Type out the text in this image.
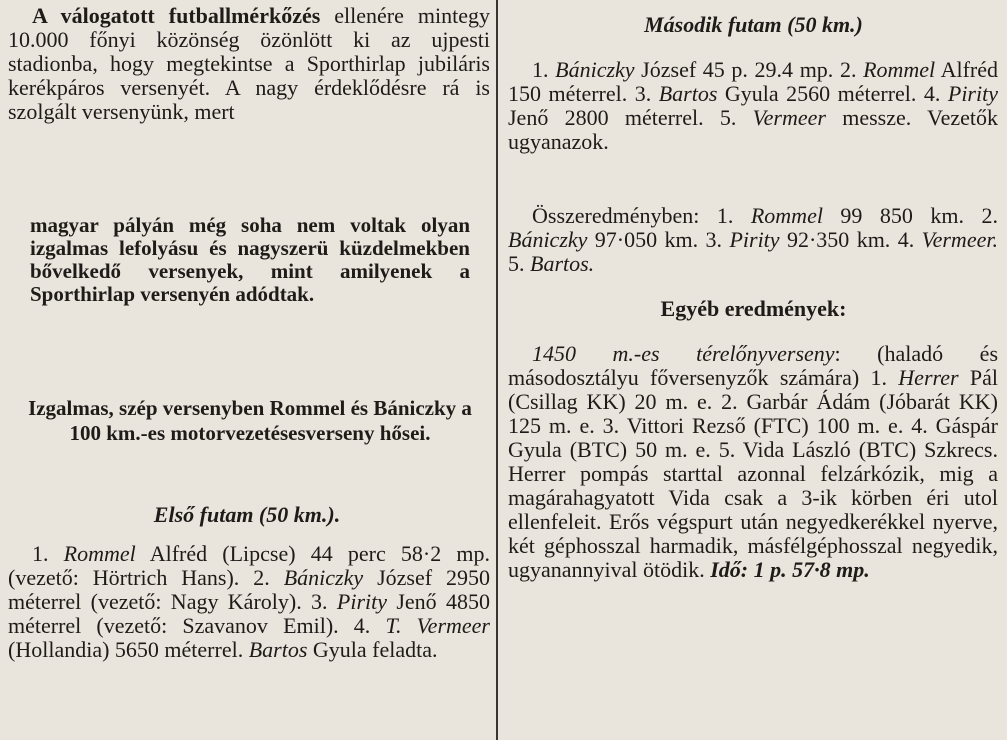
A válogatott futballmérkőzés ellenére mintegy 10.000 főnyi közönség özönlött ki az ujpesti stadionba, hogy megtekintse a Sporthirlap jubiláris kerékpáros versenyét. A nagy érdeklődésre rá is szolgált versenyünk, mert

magyar pályán még soha nem voltak olyan izgalmas lefolyásu és nagyszerü küzdelmekben bővelkedő versenyek, mint amilyenek a Sporthirlap versenyén adódtak.

Izgalmas, szép versenyben Rommel és Bániczky a 100 km.-es motorvezetésesverseny hősei.

Első futam (50 km.).

1. Rommel Alfréd (Lipcse) 44 perc 58·2 mp. (vezető: Hörtrich Hans). 2. Bániczky József 2950 méterrel (vezető: Nagy Károly). 3. Pirity Jenő 4850 méterrel (vezető: Szavanov Emil). 4. T. Vermeer (Hollandia) 5650 méterrel. Bartos Gyula feladta.

Második futam (50 km.)

1. Bániczky József 45 p. 29.4 mp. 2. Rommel Alfréd 150 méterrel. 3. Bartos Gyula 2560 méterrel. 4. Pirity Jenő 2800 méterrel. 5. Vermeer messze. Vezetők ugyanazok.

Összeredményben: 1. Rommel 99 850 km. 2. Bániczky 97·050 km. 3. Pirity 92·350 km. 4. Vermeer. 5. Bartos.

Egyéb eredmények:

1450 m.-es térelőnyverseny: (haladó és másodosztályu főversenyzők számára) 1. Herrer Pál (Csillag KK) 20 m. e. 2. Garbár Ádám (Jóbarát KK) 125 m. e. 3. Vittori Rezső (FTC) 100 m. e. 4. Gáspár Gyula (BTC) 50 m. e. 5. Vida László (BTC) Szkrecs. Herrer pompás starttal azonnal felzárkózik, mig a magárahagyatott Vida csak a 3-ik körben éri utol ellenfeleit. Erős végspurt után negyedkerékkel nyerve, két géphosszal harmadik, másfélgéphosszal negyedik, ugyanannyival ötödik. Idő: 1 p. 57·8 mp.
